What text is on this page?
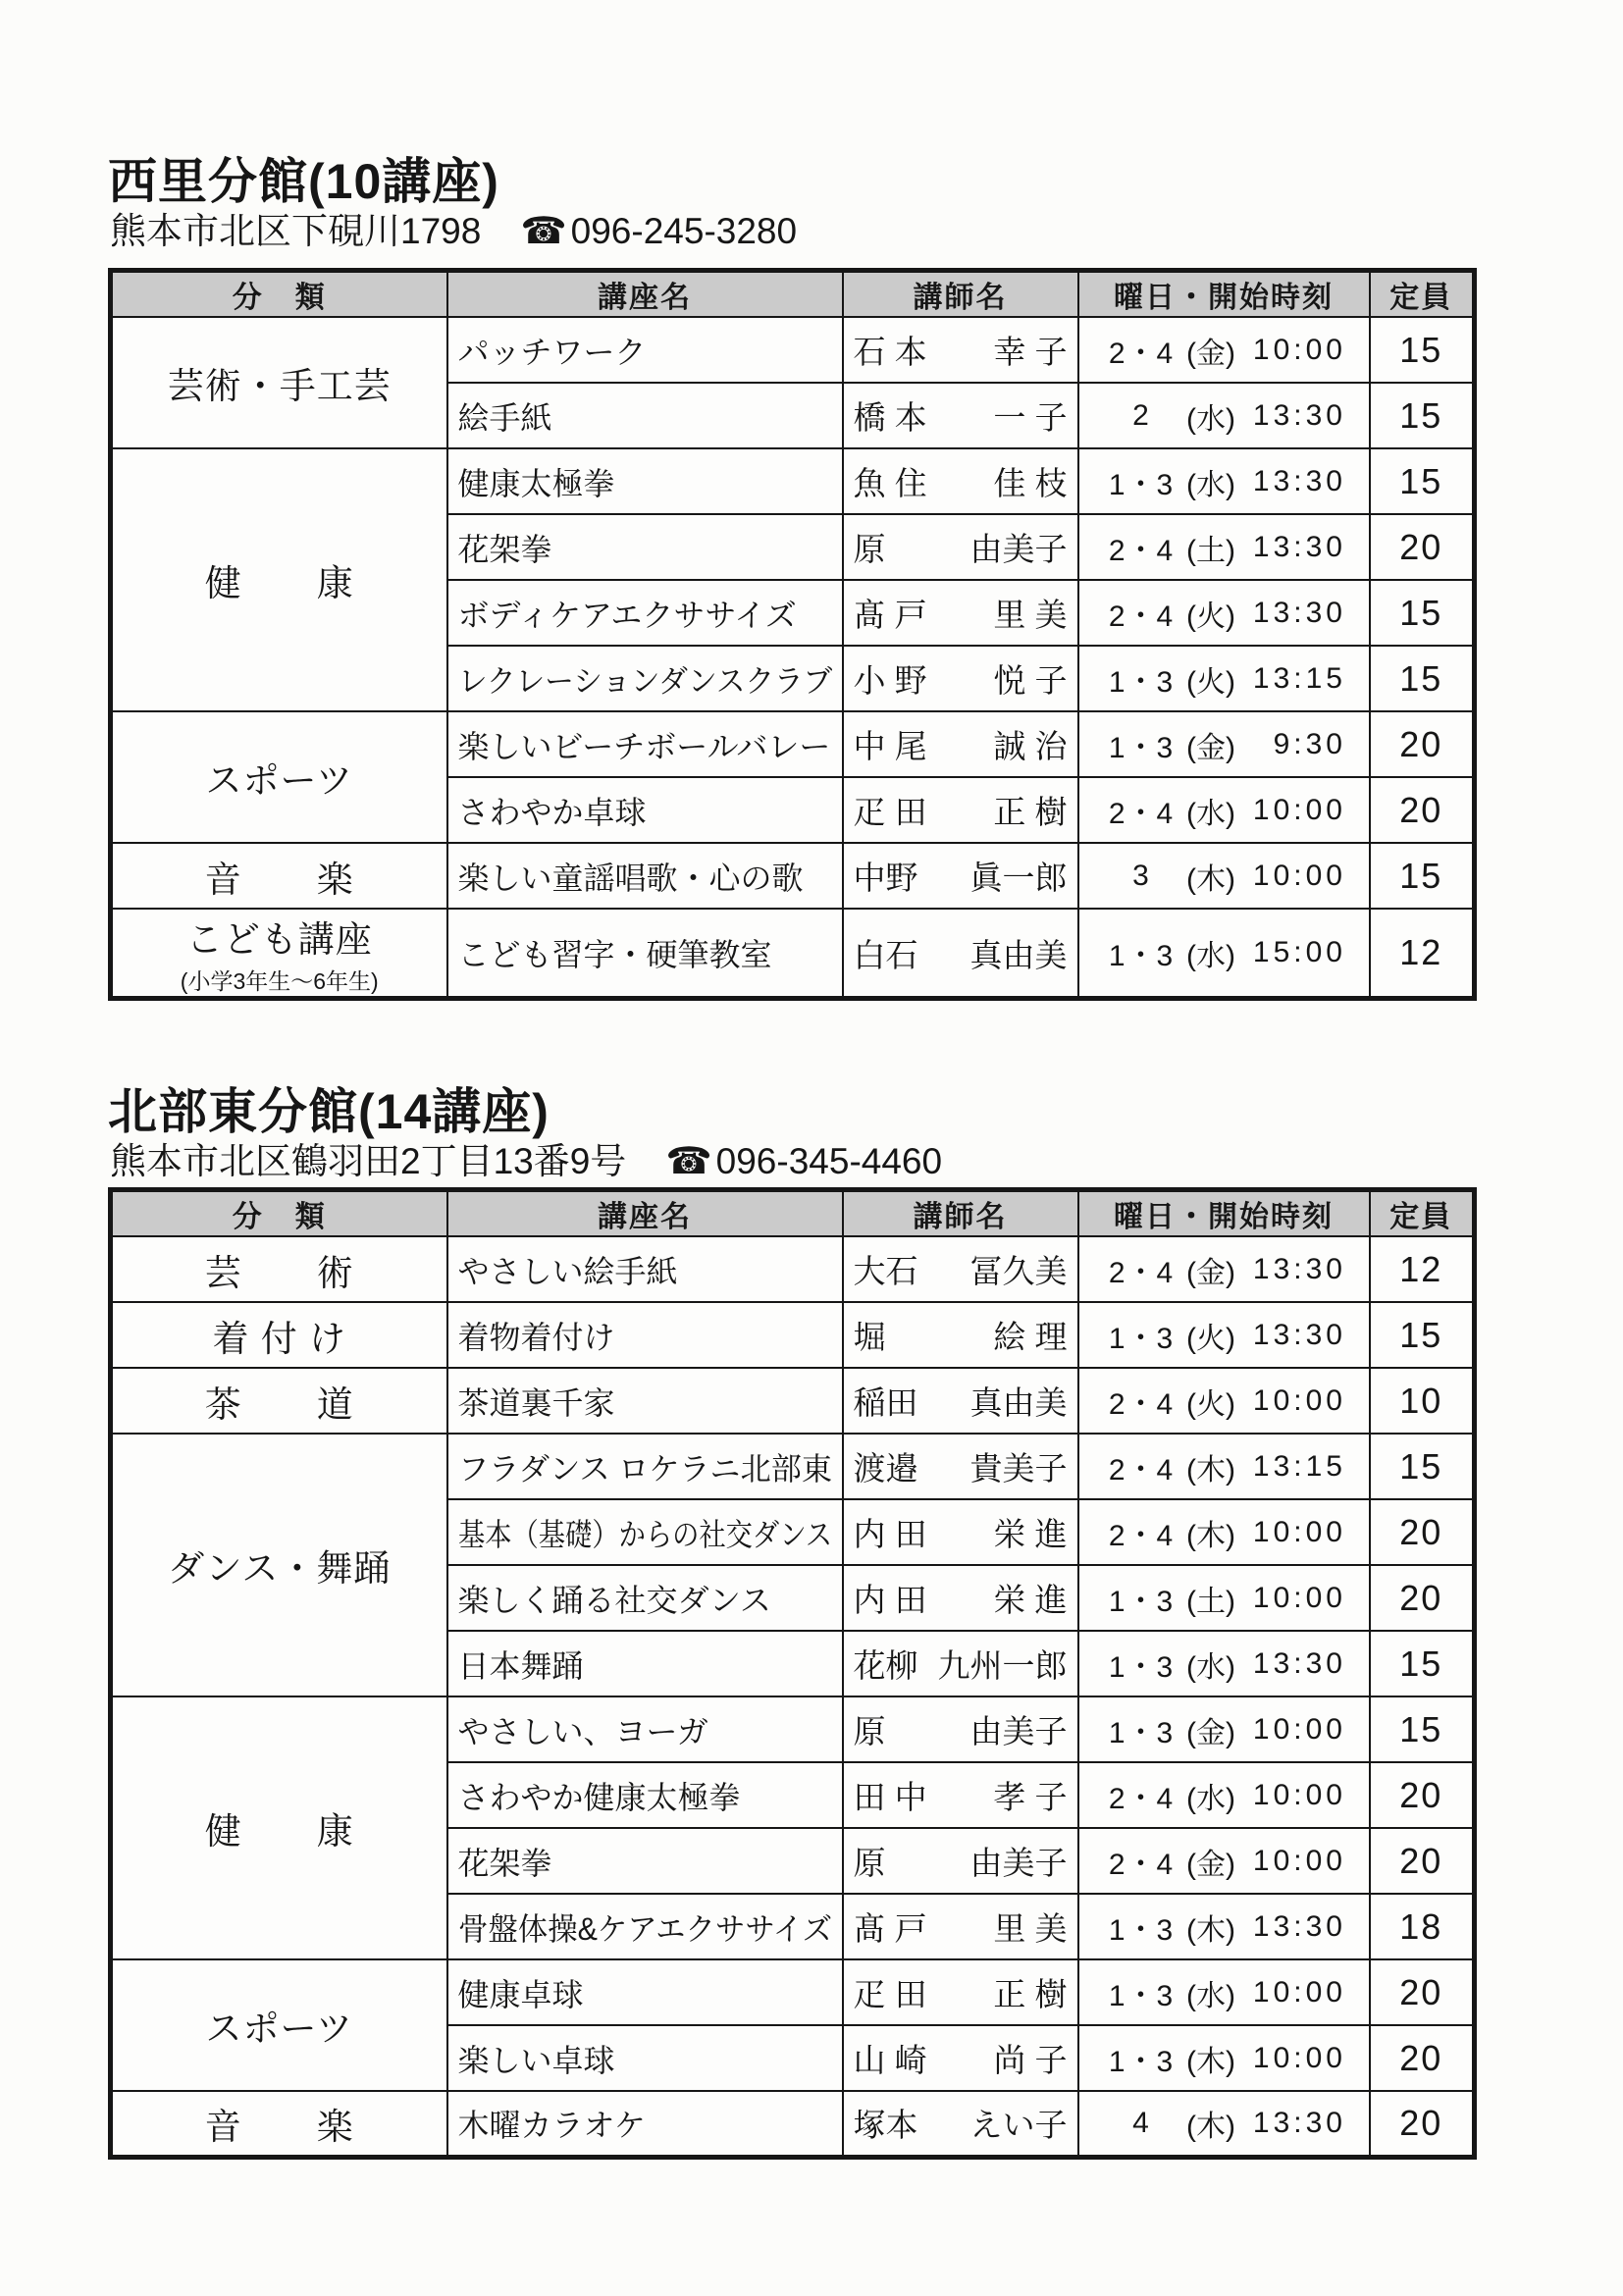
西里分館(10講座)

熊本市北区下硯川1798 ☎ 096-245-3280

分　類	講座名	講師名	曜日・開始時刻	定員

芸術・手工芸	パッチワーク	石 本 幸 子	2・4 (金) 10:00	15
	絵手紙	橋 本 一 子	2 (水) 13:30	15

健　　康	健康太極拳	魚 住 佳 枝	1・3 (水) 13:30	15
	花架拳	原 由美子	2・4 (土) 13:30	20
	ボディケアエクササイズ	髙 戸 里 美	2・4 (火) 13:30	15
	レクレーションダンスクラブ	小 野 悦 子	1・3 (火) 13:15	15

スポーツ	楽しいビーチボールバレー	中 尾 誠 治	1・3 (金) 9:30	20
	さわやか卓球	疋 田 正 樹	2・4 (水) 10:00	20

音　　楽	楽しい童謡唱歌・心の歌	中野 眞一郎	3 (木) 10:00	15

こども講座
(小学3年生〜6年生)
	こども習字・硬筆教室	白石 真由美	1・3 (水) 15:00	12
北部東分館(14講座)

熊本市北区鶴羽田2丁目13番9号 ☎ 096-345-4460

分　類	講座名	講師名	曜日・開始時刻	定員

芸　　術	やさしい絵手紙	大石 冨久美	2・4 (金) 13:30	12

着 付 け	着物着付け	堀 絵 理	1・3 (火) 13:30	15

茶　　道	茶道裏千家	稲田 真由美	2・4 (火) 10:00	10

ダンス・舞踊	フラダンス ロケラニ北部東	渡邉 貴美子	2・4 (木) 13:15	15
	基本（基礎）からの社交ダンス	内 田 栄 進	2・4 (木) 10:00	20
	楽しく踊る社交ダンス	内 田 栄 進	1・3 (土) 10:00	20
	日本舞踊	花柳 九州一郎	1・3 (水) 13:30	15

健　　康	やさしい、ヨーガ	原 由美子	1・3 (金) 10:00	15
	さわやか健康太極拳	田 中 孝 子	2・4 (水) 10:00	20
	花架拳	原 由美子	2・4 (金) 10:00	20
	骨盤体操&ケアエクササイズ	髙 戸 里 美	1・3 (木) 13:30	18

スポーツ	健康卓球	疋 田 正 樹	1・3 (水) 10:00	20
	楽しい卓球	山 崎 尚 子	1・3 (木) 10:00	20

音　　楽	木曜カラオケ	塚本 えい子	4 (木) 13:30	20
